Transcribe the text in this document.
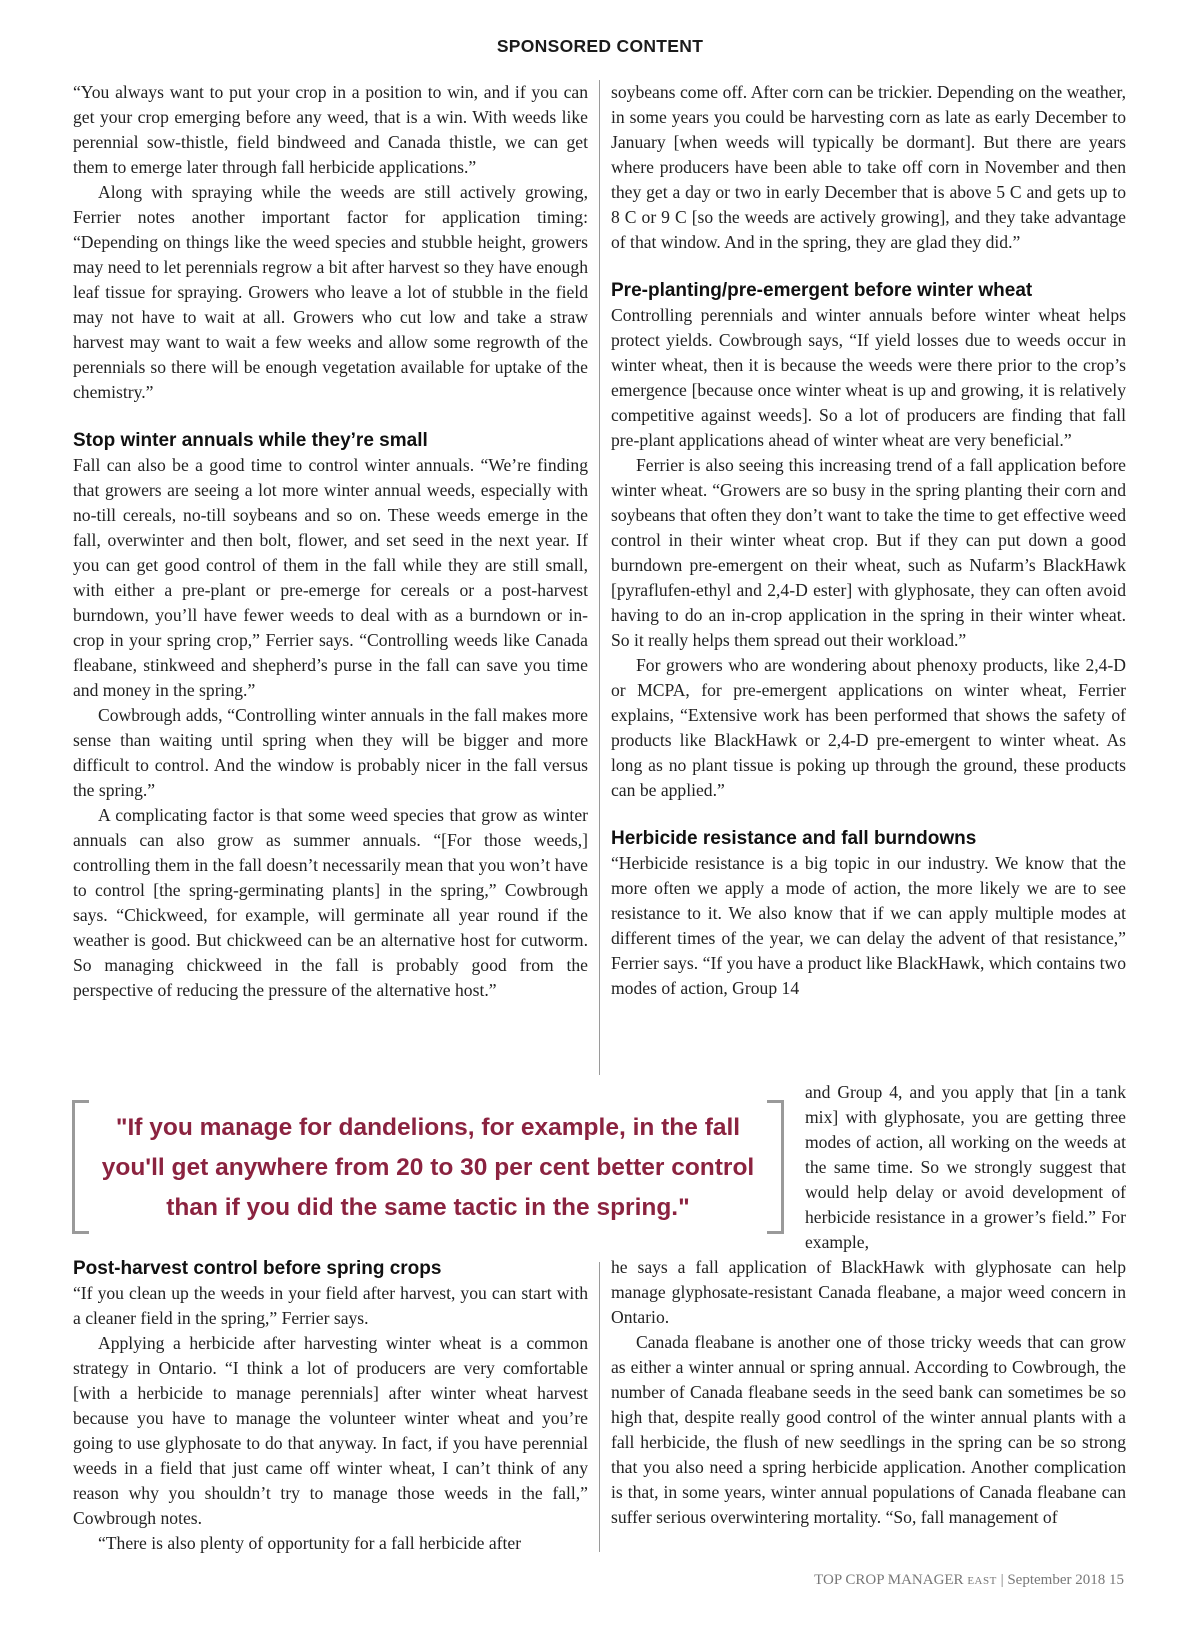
SPONSORED CONTENT

“You always want to put your crop in a position to win, and if you can get your crop emerging before any weed, that is a win. With weeds like perennial sow-thistle, field bindweed and Canada thistle, we can get them to emerge later through fall herbicide applications.”

Along with spraying while the weeds are still actively growing, Ferrier notes another important factor for application timing: “Depending on things like the weed species and stubble height, growers may need to let perennials regrow a bit after harvest so they have enough leaf tissue for spraying. Growers who leave a lot of stubble in the field may not have to wait at all. Growers who cut low and take a straw harvest may want to wait a few weeks and allow some regrowth of the perennials so there will be enough vegetation available for uptake of the chemistry.”

Stop winter annuals while they’re small

Fall can also be a good time to control winter annuals. “We’re finding that growers are seeing a lot more winter annual weeds, especially with no-till cereals, no-till soybeans and so on. These weeds emerge in the fall, overwinter and then bolt, flower, and set seed in the next year. If you can get good control of them in the fall while they are still small, with either a pre-plant or pre-emerge for cereals or a post-harvest burndown, you’ll have fewer weeds to deal with as a burndown or in-crop in your spring crop,” Ferrier says. “Controlling weeds like Canada fleabane, stinkweed and shepherd’s purse in the fall can save you time and money in the spring.”

Cowbrough adds, “Controlling winter annuals in the fall makes more sense than waiting until spring when they will be bigger and more difficult to control. And the window is probably nicer in the fall versus the spring.”

A complicating factor is that some weed species that grow as winter annuals can also grow as summer annuals. “[For those weeds,] controlling them in the fall doesn’t necessarily mean that you won’t have to control [the spring-germinating plants] in the spring,” Cowbrough says. “Chickweed, for example, will germinate all year round if the weather is good. But chickweed can be an alternative host for cutworm. So managing chickweed in the fall is probably good from the perspective of reducing the pressure of the alternative host.”

"If you manage for dandelions, for example, in the fall you'll get anywhere from 20 to 30 per cent better control than if you did the same tactic in the spring."
Post-harvest control before spring crops

“If you clean up the weeds in your field after harvest, you can start with a cleaner field in the spring,” Ferrier says.

Applying a herbicide after harvesting winter wheat is a common strategy in Ontario. “I think a lot of producers are very comfortable [with a herbicide to manage perennials] after winter wheat harvest because you have to manage the volunteer winter wheat and you’re going to use glyphosate to do that anyway. In fact, if you have perennial weeds in a field that just came off winter wheat, I can’t think of any reason why you shouldn’t try to manage those weeds in the fall,” Cowbrough notes.

“There is also plenty of opportunity for a fall herbicide after

soybeans come off. After corn can be trickier. Depending on the weather, in some years you could be harvesting corn as late as early December to January [when weeds will typically be dormant]. But there are years where producers have been able to take off corn in November and then they get a day or two in early December that is above 5 C and gets up to 8 C or 9 C [so the weeds are actively growing], and they take advantage of that window. And in the spring, they are glad they did.”

Pre-planting/pre-emergent before winter wheat

Controlling perennials and winter annuals before winter wheat helps protect yields. Cowbrough says, “If yield losses due to weeds occur in winter wheat, then it is because the weeds were there prior to the crop’s emergence [because once winter wheat is up and growing, it is relatively competitive against weeds]. So a lot of producers are finding that fall pre-plant applications ahead of winter wheat are very beneficial.”

Ferrier is also seeing this increasing trend of a fall application before winter wheat. “Growers are so busy in the spring planting their corn and soybeans that often they don’t want to take the time to get effective weed control in their winter wheat crop. But if they can put down a good burndown pre-emergent on their wheat, such as Nufarm’s BlackHawk [pyraflufen-ethyl and 2,4-D ester] with glyphosate, they can often avoid having to do an in-crop application in the spring in their winter wheat. So it really helps them spread out their workload.”

For growers who are wondering about phenoxy products, like 2,4-D or MCPA, for pre-emergent applications on winter wheat, Ferrier explains, “Extensive work has been performed that shows the safety of products like BlackHawk or 2,4-D pre-emergent to winter wheat. As long as no plant tissue is poking up through the ground, these products can be applied.”

Herbicide resistance and fall burndowns

“Herbicide resistance is a big topic in our industry. We know that the more often we apply a mode of action, the more likely we are to see resistance to it. We also know that if we can apply multiple modes at different times of the year, we can delay the advent of that resistance,” Ferrier says. “If you have a product like BlackHawk, which contains two modes of action, Group 14

and Group 4, and you apply that [in a tank mix] with glyphosate, you are getting three modes of action, all working on the weeds at the same time. So we strongly suggest that would help delay or avoid development of herbicide resistance in a grower’s field.” For example,

he says a fall application of BlackHawk with glyphosate can help manage glyphosate-resistant Canada fleabane, a major weed concern in Ontario.

Canada fleabane is another one of those tricky weeds that can grow as either a winter annual or spring annual. According to Cowbrough, the number of Canada fleabane seeds in the seed bank can sometimes be so high that, despite really good control of the winter annual plants with a fall herbicide, the flush of new seedlings in the spring can be so strong that you also need a spring herbicide application. Another complication is that, in some years, winter annual populations of Canada fleabane can suffer serious overwintering mortality. “So, fall management of

TOP CROP MANAGER EAST | September 2018 15
